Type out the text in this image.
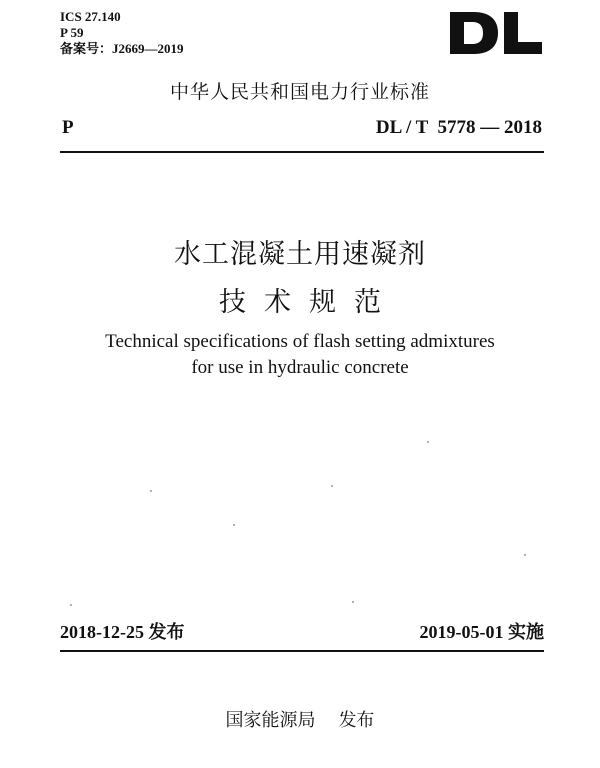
ICS 27.140
P 59
备案号：J2669—2019
中华人民共和国电力行业标准
P	DL / T  5778 — 2018
水工混凝土用速凝剂
技术规范
Technical specifications of flash setting admixtures
for use in hydraulic concrete
2018-12-25 发布	2019-05-01 实施
国家能源局 发布
